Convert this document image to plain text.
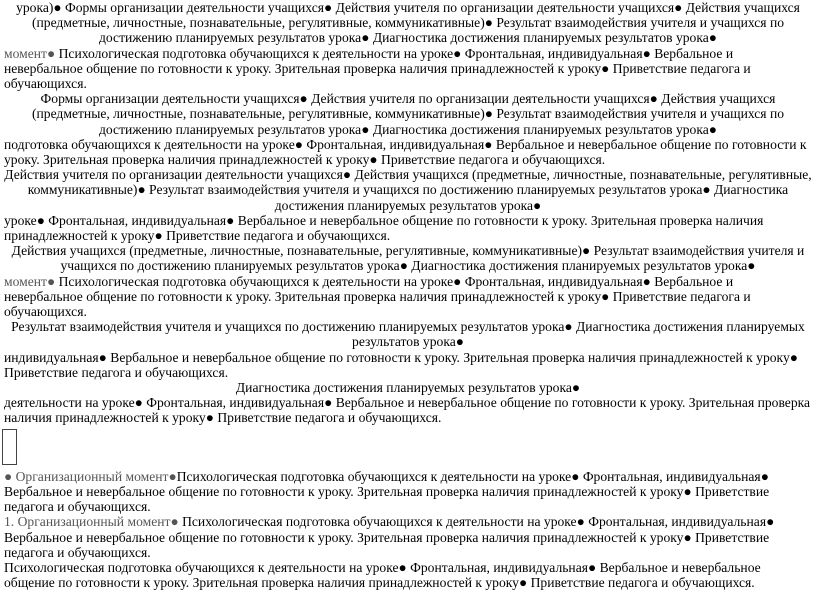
урока)● Формы организации деятельности учащихся● Действия учителя по организации деятельности учащихся● Действия учащихся (предметные, личностные, познавательные, регулятивные, коммуникативные)● Результат взаимодействия учителя и учащихся по достижению планируемых результатов урока● Диагностика достижения планируемых результатов урока●

момент● Психологическая подготовка обучающихся к деятельности на уроке● Фронтальная, индивидуальная● Вербальное и невербальное общение по готовности к уроку. Зрительная проверка наличия принадлежностей к уроку● Приветствие педагога и обучающихся.

Формы организации деятельности учащихся● Действия учителя по организации деятельности учащихся● Действия учащихся (предметные, личностные, познавательные, регулятивные, коммуникативные)● Результат взаимодействия учителя и учащихся по достижению планируемых результатов урока● Диагностика достижения планируемых результатов урока●

подготовка обучающихся к деятельности на уроке● Фронтальная, индивидуальная● Вербальное и невербальное общение по готовности к уроку. Зрительная проверка наличия принадлежностей к уроку● Приветствие педагога и обучающихся.

Действия учителя по организации деятельности учащихся● Действия учащихся (предметные, личностные, познавательные, регулятивные, коммуникативные)● Результат взаимодействия учителя и учащихся по достижению планируемых результатов урока● Диагностика достижения планируемых результатов урока●

уроке● Фронтальная, индивидуальная● Вербальное и невербальное общение по готовности к уроку. Зрительная проверка наличия принадлежностей к уроку● Приветствие педагога и обучающихся.

Действия учащихся (предметные, личностные, познавательные, регулятивные, коммуникативные)● Результат взаимодействия учителя и учащихся по достижению планируемых результатов урока● Диагностика достижения планируемых результатов урока●

момент● Психологическая подготовка обучающихся к деятельности на уроке● Фронтальная, индивидуальная● Вербальное и невербальное общение по готовности к уроку. Зрительная проверка наличия принадлежностей к уроку● Приветствие педагога и обучающихся.

Результат взаимодействия учителя и учащихся по достижению планируемых результатов урока● Диагностика достижения планируемых результатов урока●

индивидуальная● Вербальное и невербальное общение по готовности к уроку. Зрительная проверка наличия принадлежностей к уроку● Приветствие педагога и обучающихся.

Диагностика достижения планируемых результатов урока●

деятельности на уроке● Фронтальная, индивидуальная● Вербальное и невербальное общение по готовности к уроку. Зрительная проверка наличия принадлежностей к уроку● Приветствие педагога и обучающихся.

● Организационный момент●Психологическая подготовка обучающихся к деятельности на уроке● Фронтальная, индивидуальная● Вербальное и невербальное общение по готовности к уроку. Зрительная проверка наличия принадлежностей к уроку● Приветствие педагога и обучающихся.

1. Организационный момент● Психологическая подготовка обучающихся к деятельности на уроке● Фронтальная, индивидуальная● Вербальное и невербальное общение по готовности к уроку. Зрительная проверка наличия принадлежностей к уроку● Приветствие педагога и обучающихся.

Психологическая подготовка обучающихся к деятельности на уроке● Фронтальная, индивидуальная● Вербальное и невербальное общение по готовности к уроку. Зрительная проверка наличия принадлежностей к уроку● Приветствие педагога и обучающихся.
